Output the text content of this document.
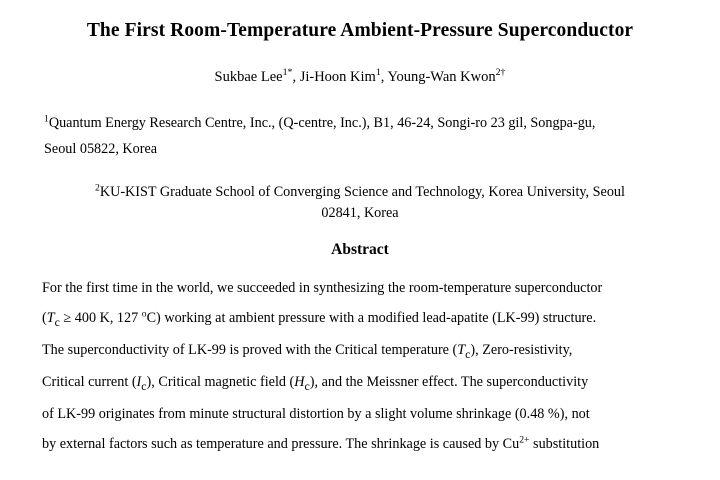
The First Room-Temperature Ambient-Pressure Superconductor
Sukbae Lee$^{1*}$, Ji-Hoon Kim$^1$, Young-Wan Kwon$^{2\dagger}$
$^1$Quantum Energy Research Centre, Inc., (Q-centre, Inc.), B1, 46-24, Songi-ro 23 gil, Songpa-gu,
Seoul 05822, Korea
$^2$KU-KIST Graduate School of Converging Science and Technology, Korea University, Seoul
02841, Korea
Abstract
For the first time in the world, we succeeded in synthesizing the room-temperature superconductor
($T_c \ge 400$ K, 127 $^o$C) working at ambient pressure with a modified lead-apatite (LK-99) structure.
The superconductivity of LK-99 is proved with the Critical temperature $(T_c)$, Zero-resistivity,
Critical current $(I_c)$, Critical magnetic field $(H_c)$, and the Meissner effect. The superconductivity
of LK-99 originates from minute structural distortion by a slight volume shrinkage (0.48 %), not
by external factors such as temperature and pressure. The shrinkage is caused by $Cu^{2+}$ substitution
